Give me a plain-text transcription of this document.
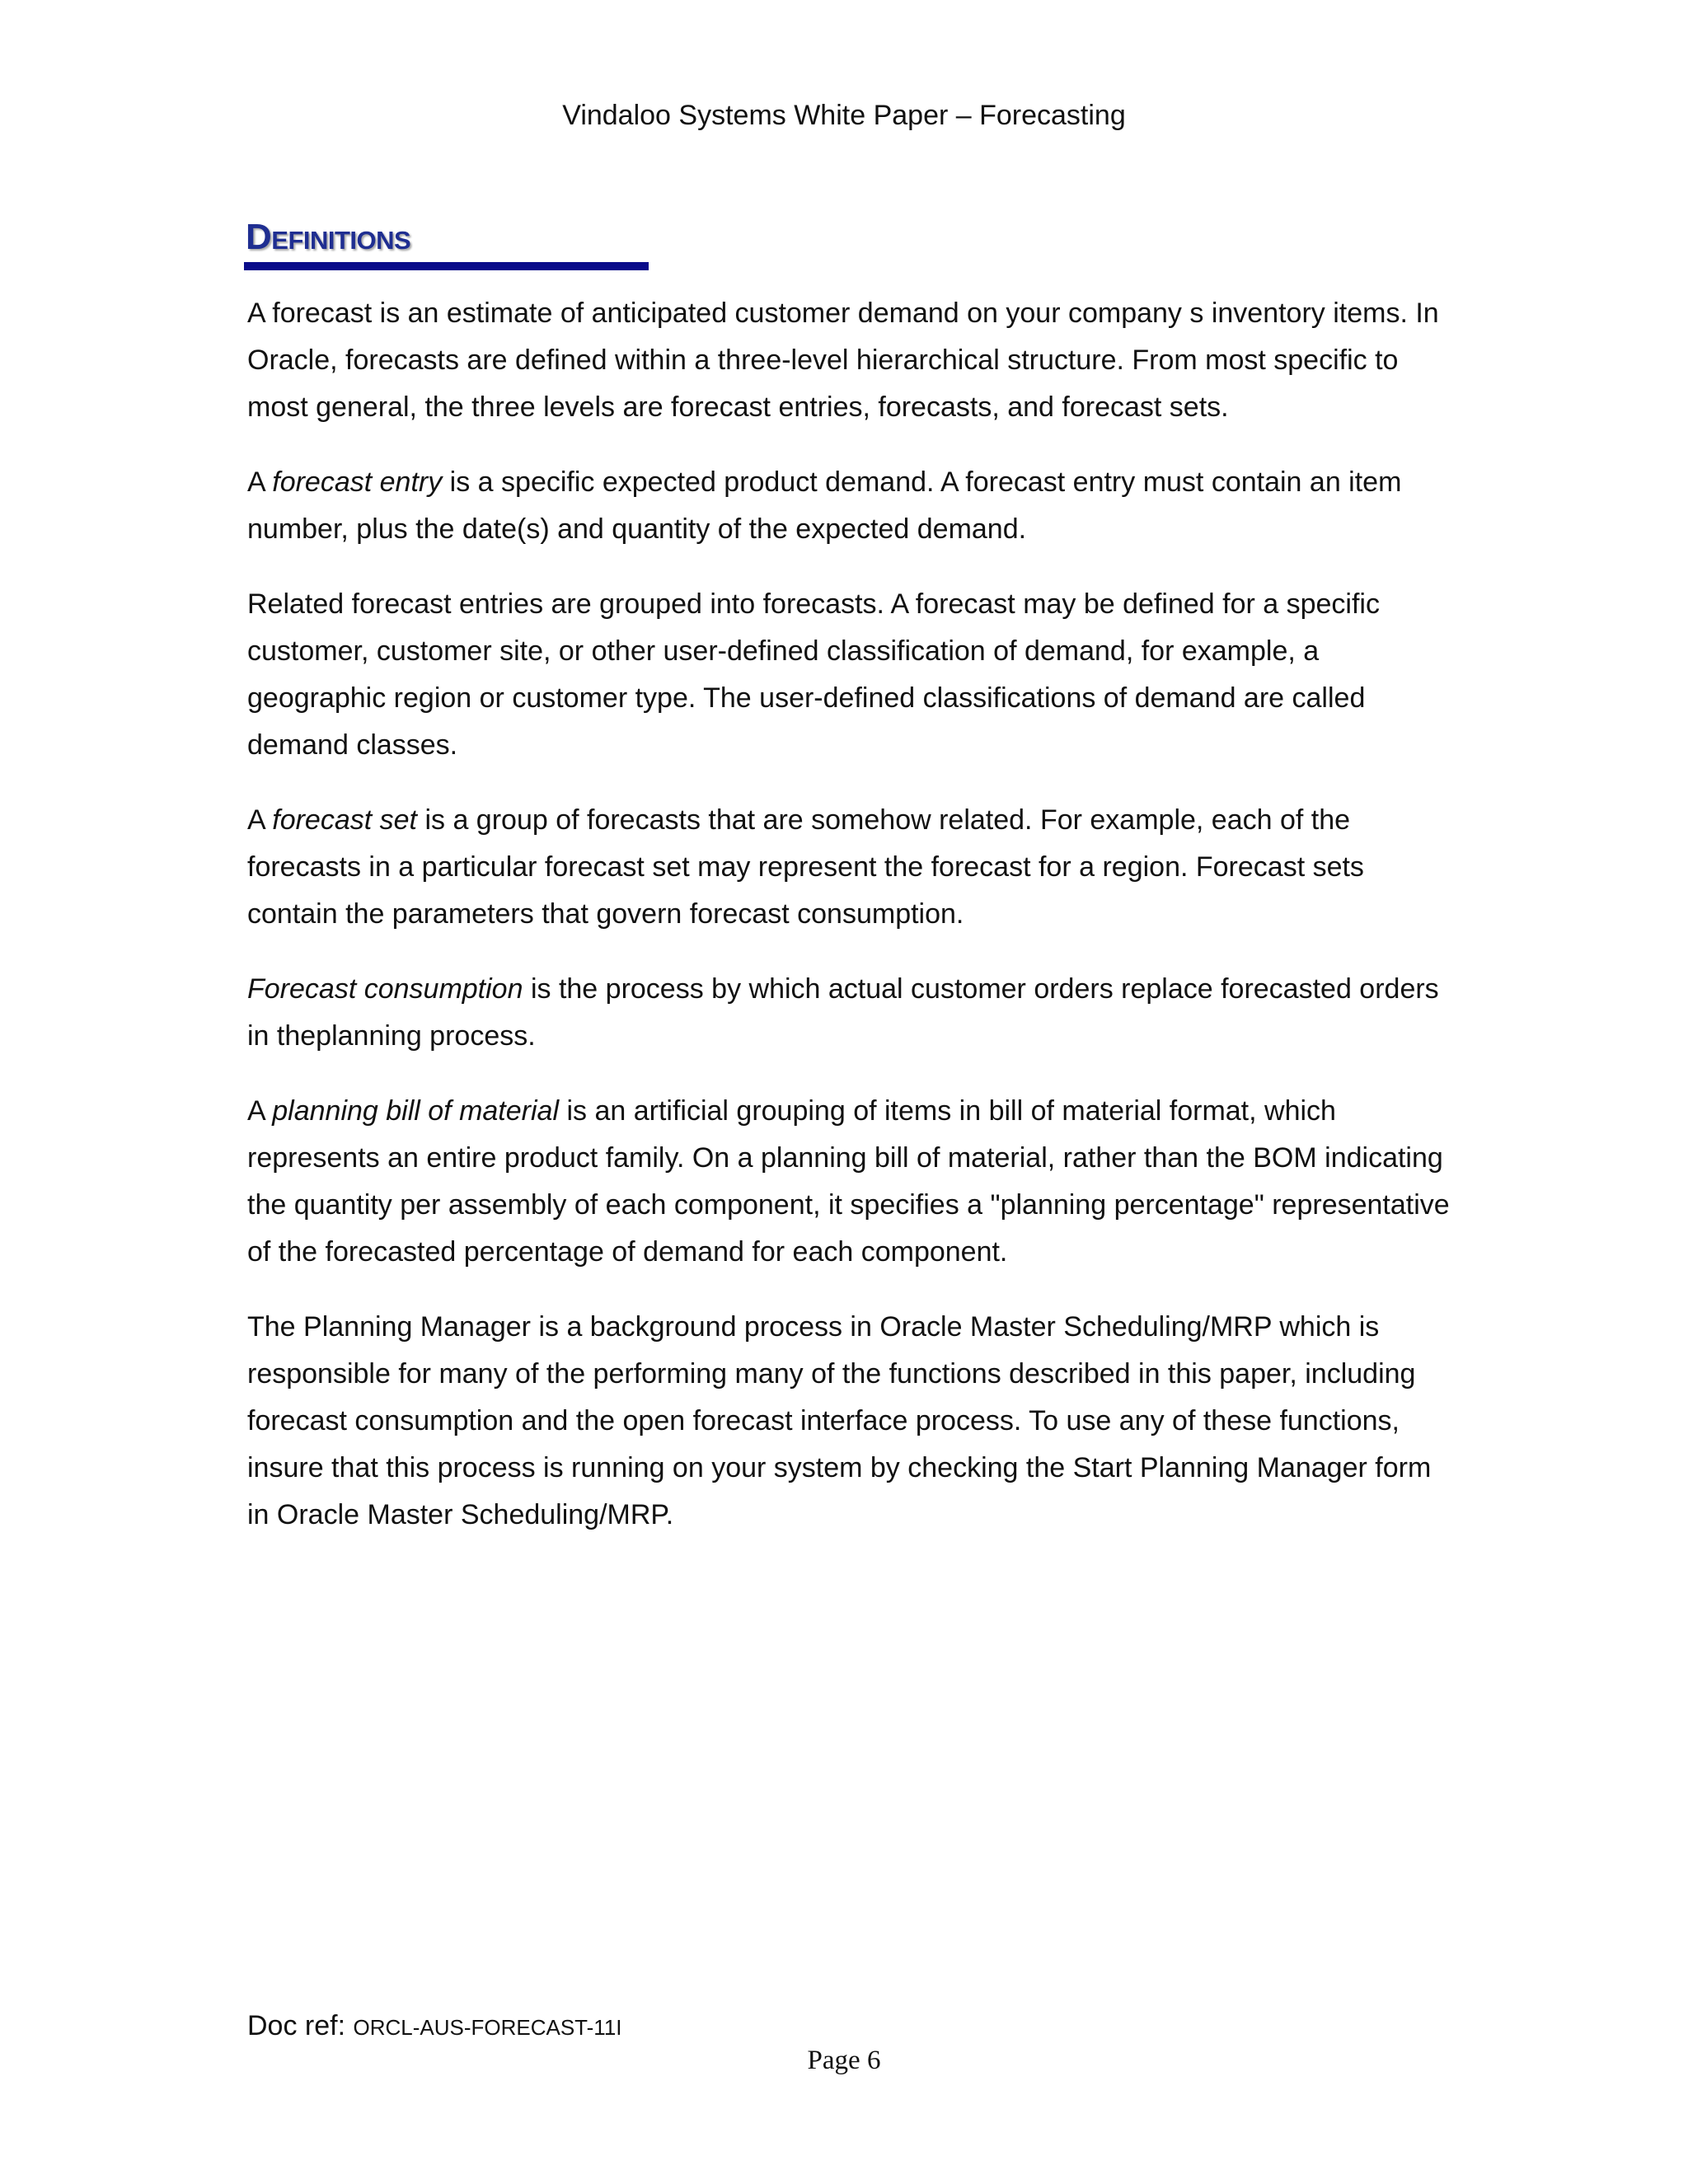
Vindaloo Systems White Paper – Forecasting
Definitions

A forecast is an estimate of anticipated customer demand on your company s inventory items. In
Oracle, forecasts are defined within a three-level hierarchical structure. From most specific to
most general, the three levels are forecast entries, forecasts, and forecast sets.

A forecast entry is a specific expected product demand. A forecast entry must contain an item
number, plus the date(s) and quantity of the expected demand.

Related forecast entries are grouped into forecasts. A forecast may be defined for a specific
customer, customer site, or other user-defined classification of demand, for example, a
geographic region or customer type. The user-defined classifications of demand are called
demand classes.

A forecast set is a group of forecasts that are somehow related. For example, each of the
forecasts in a particular forecast set may represent the forecast for a region. Forecast sets
contain the parameters that govern forecast consumption.

Forecast consumption is the process by which actual customer orders replace forecasted orders
in theplanning process.

A planning bill of material is an artificial grouping of items in bill of material format, which
represents an entire product family. On a planning bill of material, rather than the BOM indicating
the quantity per assembly of each component, it specifies a "planning percentage" representative
of the forecasted percentage of demand for each component.

The Planning Manager is a background process in Oracle Master Scheduling/MRP which is
responsible for many of the performing many of the functions described in this paper, including
forecast consumption and the open forecast interface process. To use any of these functions,
insure that this process is running on your system by checking the Start Planning Manager form
in Oracle Master Scheduling/MRP.

Doc ref: ORCL-AUS-FORECAST-11I
Page 6
